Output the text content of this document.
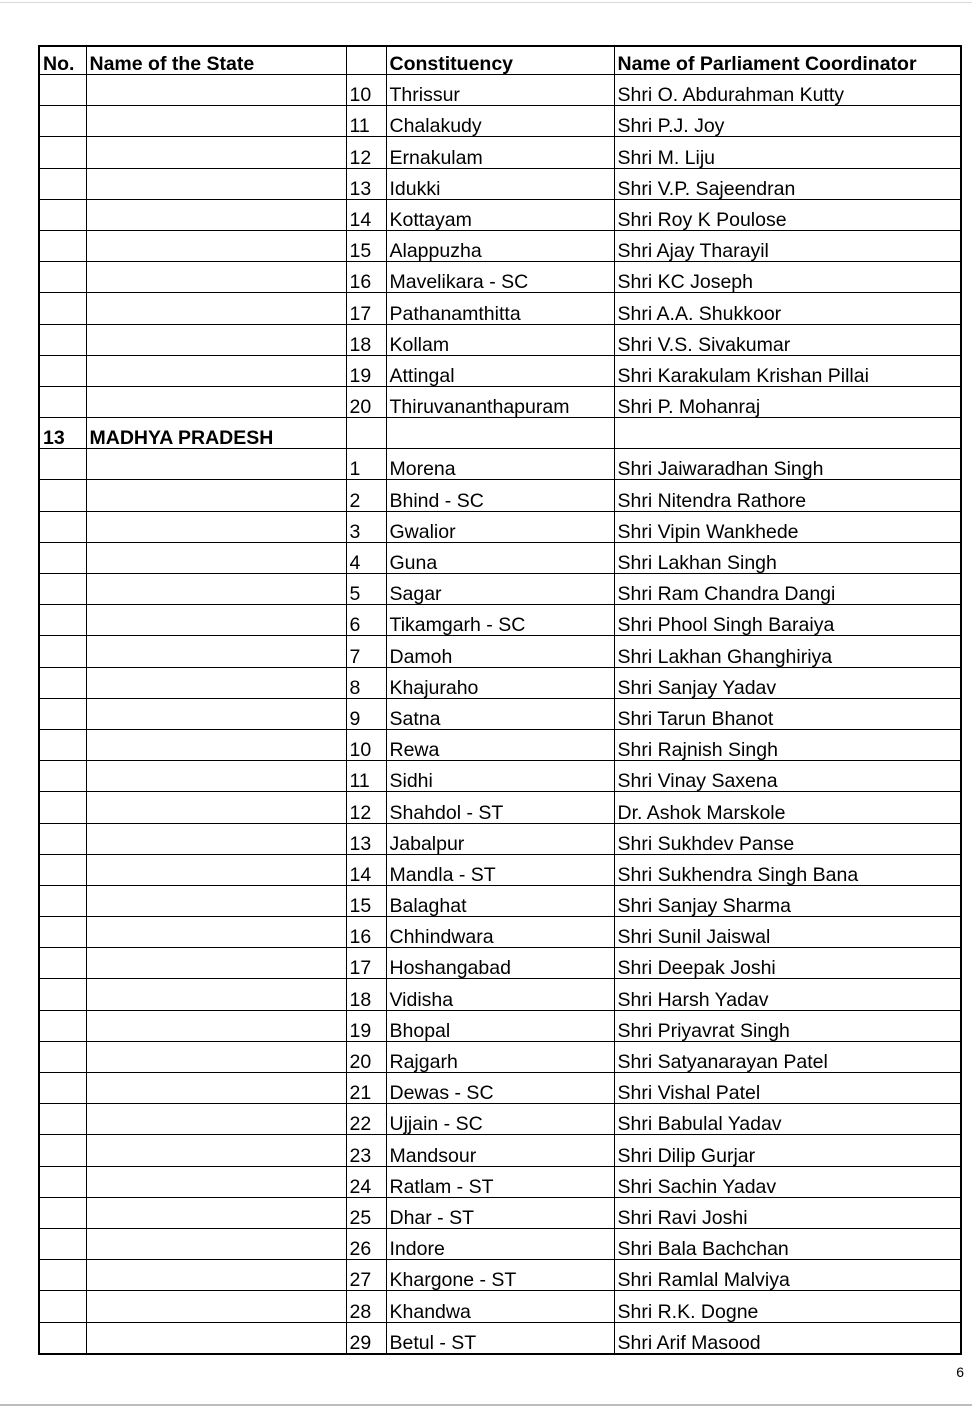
No.	Name of the State		Constituency	Name of Parliament Coordinator
		10	Thrissur	Shri O. Abdurahman Kutty
		11	Chalakudy	Shri P.J. Joy
		12	Ernakulam	Shri M. Liju
		13	Idukki	Shri V.P. Sajeendran
		14	Kottayam	Shri Roy K Poulose
		15	Alappuzha	Shri Ajay Tharayil
		16	Mavelikara - SC	Shri KC Joseph
		17	Pathanamthitta	Shri A.A. Shukkoor
		18	Kollam	Shri V.S. Sivakumar
		19	Attingal	Shri Karakulam Krishan Pillai
		20	Thiruvananthapuram	Shri P. Mohanraj
13	MADHYA PRADESH			
		1	Morena	Shri Jaiwaradhan Singh
		2	Bhind - SC	Shri Nitendra Rathore
		3	Gwalior	Shri Vipin Wankhede
		4	Guna	Shri Lakhan Singh
		5	Sagar	Shri Ram Chandra Dangi
		6	Tikamgarh - SC	Shri Phool Singh Baraiya
		7	Damoh	Shri Lakhan Ghanghiriya
		8	Khajuraho	Shri Sanjay Yadav
		9	Satna	Shri Tarun Bhanot
		10	Rewa	Shri Rajnish Singh
		11	Sidhi	Shri Vinay Saxena
		12	Shahdol - ST	Dr. Ashok Marskole
		13	Jabalpur	Shri Sukhdev Panse
		14	Mandla - ST	Shri Sukhendra Singh Bana
		15	Balaghat	Shri Sanjay Sharma
		16	Chhindwara	Shri Sunil Jaiswal
		17	Hoshangabad	Shri Deepak Joshi
		18	Vidisha	Shri Harsh Yadav
		19	Bhopal	Shri Priyavrat Singh
		20	Rajgarh	Shri Satyanarayan Patel
		21	Dewas - SC	Shri Vishal Patel
		22	Ujjain - SC	Shri Babulal Yadav
		23	Mandsour	Shri Dilip Gurjar
		24	Ratlam - ST	Shri Sachin Yadav
		25	Dhar - ST	Shri Ravi Joshi
		26	Indore	Shri Bala Bachchan
		27	Khargone - ST	Shri Ramlal Malviya
		28	Khandwa	Shri R.K. Dogne
		29	Betul - ST	Shri Arif Masood
6
